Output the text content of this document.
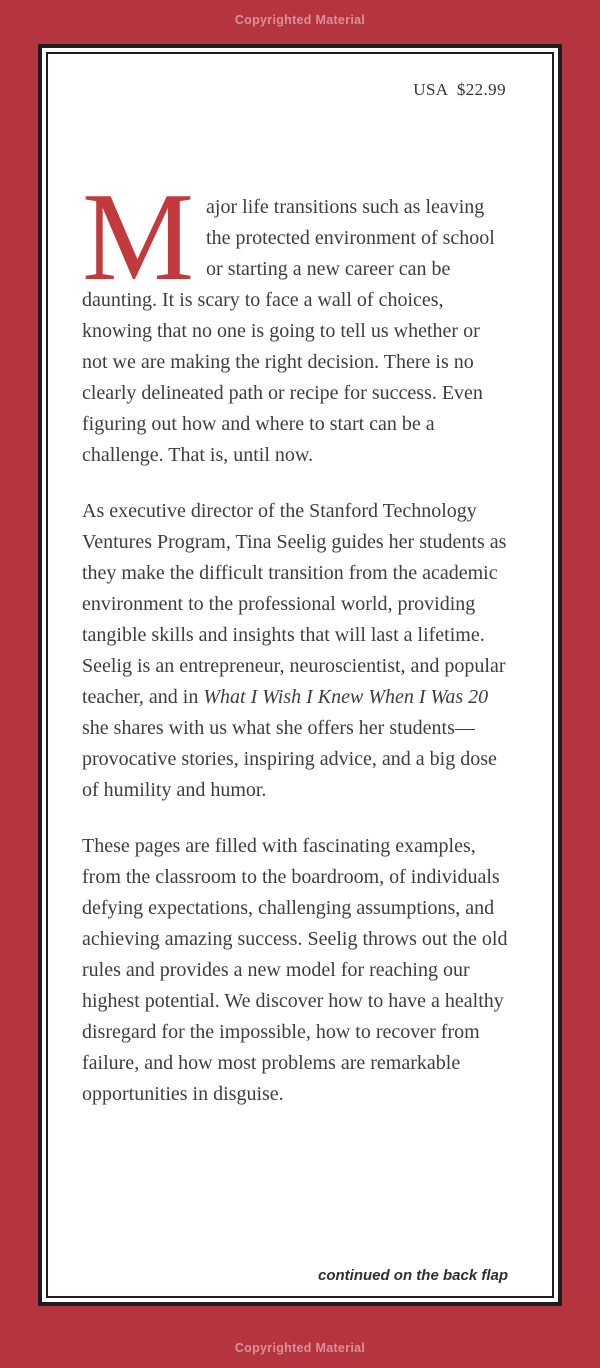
Copyrighted Material
USA  $22.99

Major life transitions such as leaving the protected environment of school or starting a new career can be daunting. It is scary to face a wall of choices, knowing that no one is going to tell us whether or not we are making the right decision. There is no clearly delineated path or recipe for success. Even figuring out how and where to start can be a challenge. That is, until now.

As executive director of the Stanford Technology Ventures Program, Tina Seelig guides her students as they make the difficult transition from the academic environment to the professional world, providing tangible skills and insights that will last a lifetime. Seelig is an entrepreneur, neuroscientist, and popular teacher, and in What I Wish I Knew When I Was 20 she shares with us what she offers her students—provocative stories, inspiring advice, and a big dose of humility and humor.

These pages are filled with fascinating examples, from the classroom to the boardroom, of individuals defying expectations, challenging assumptions, and achieving amazing success. Seelig throws out the old rules and provides a new model for reaching our highest potential. We discover how to have a healthy disregard for the impossible, how to recover from failure, and how most problems are remarkable opportunities in disguise.

continued on the back flap
Copyrighted Material
